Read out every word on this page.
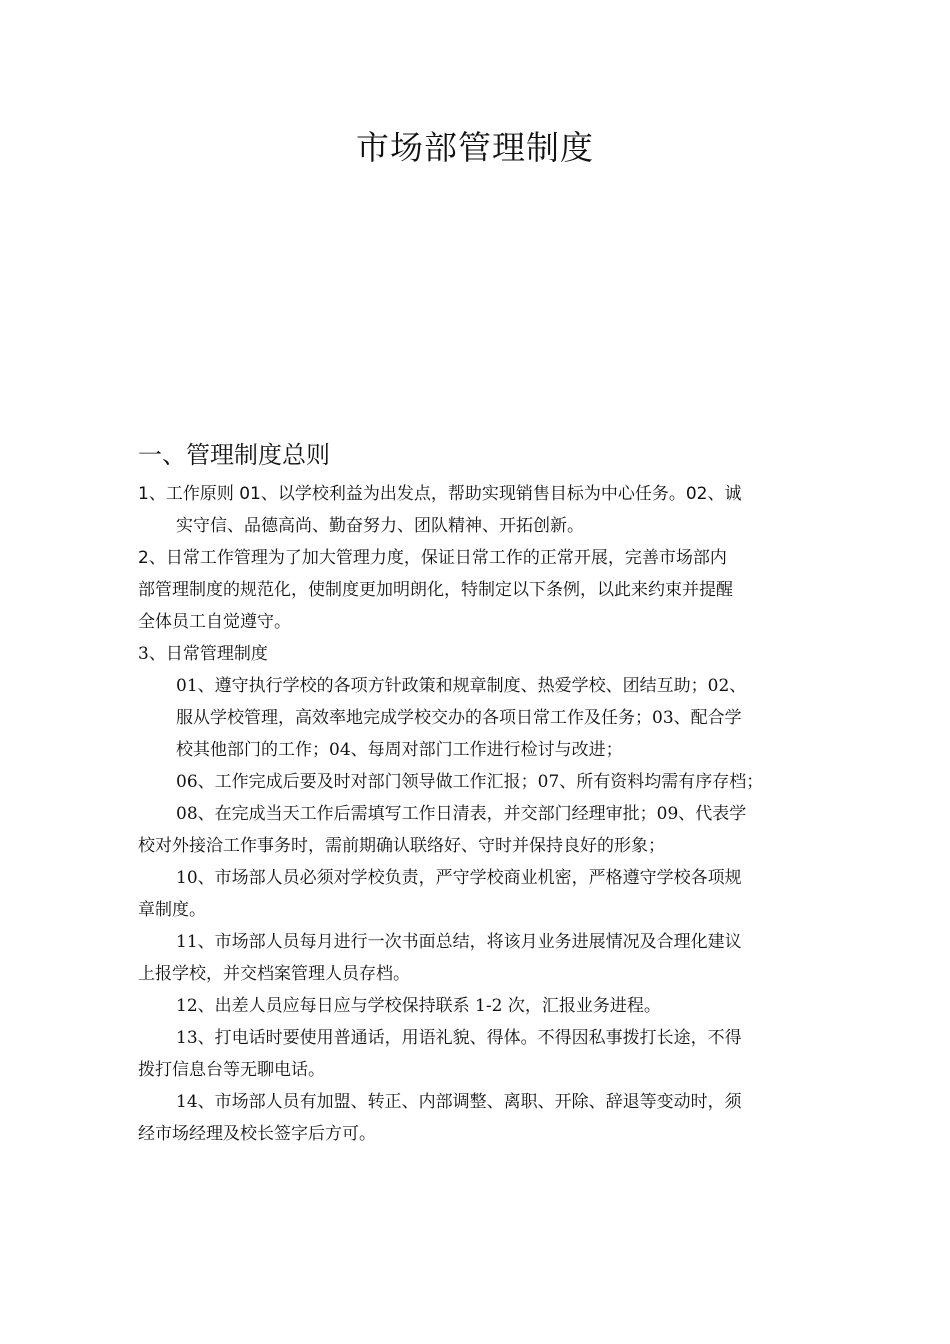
市场部管理制度
一、管理制度总则

1、工作原则 01、以学校利益为出发点，帮助实现销售目标为中心任务。02、诚

实守信、品德高尚、勤奋努力、团队精神、开拓创新。

2、日常工作管理为了加大管理力度，保证日常工作的正常开展，完善市场部内

部管理制度的规范化，使制度更加明朗化，特制定以下条例，以此来约束并提醒

全体员工自觉遵守。

3、日常管理制度

01、遵守执行学校的各项方针政策和规章制度、热爱学校、团结互助；02、

服从学校管理，高效率地完成学校交办的各项日常工作及任务；03、配合学

校其他部门的工作；04、每周对部门工作进行检讨与改进；

06、工作完成后要及时对部门领导做工作汇报；07、所有资料均需有序存档；

08、在完成当天工作后需填写工作日清表，并交部门经理审批；09、代表学

校对外接洽工作事务时，需前期确认联络好、守时并保持良好的形象；

10、市场部人员必须对学校负责，严守学校商业机密，严格遵守学校各项规

章制度。

11、市场部人员每月进行一次书面总结，将该月业务进展情况及合理化建议

上报学校，并交档案管理人员存档。

12、出差人员应每日应与学校保持联系 1-2 次，汇报业务进程。

13、打电话时要使用普通话，用语礼貌、得体。不得因私事拨打长途，不得

拨打信息台等无聊电话。

14、市场部人员有加盟、转正、内部调整、离职、开除、辞退等变动时，须

经市场经理及校长签字后方可。
